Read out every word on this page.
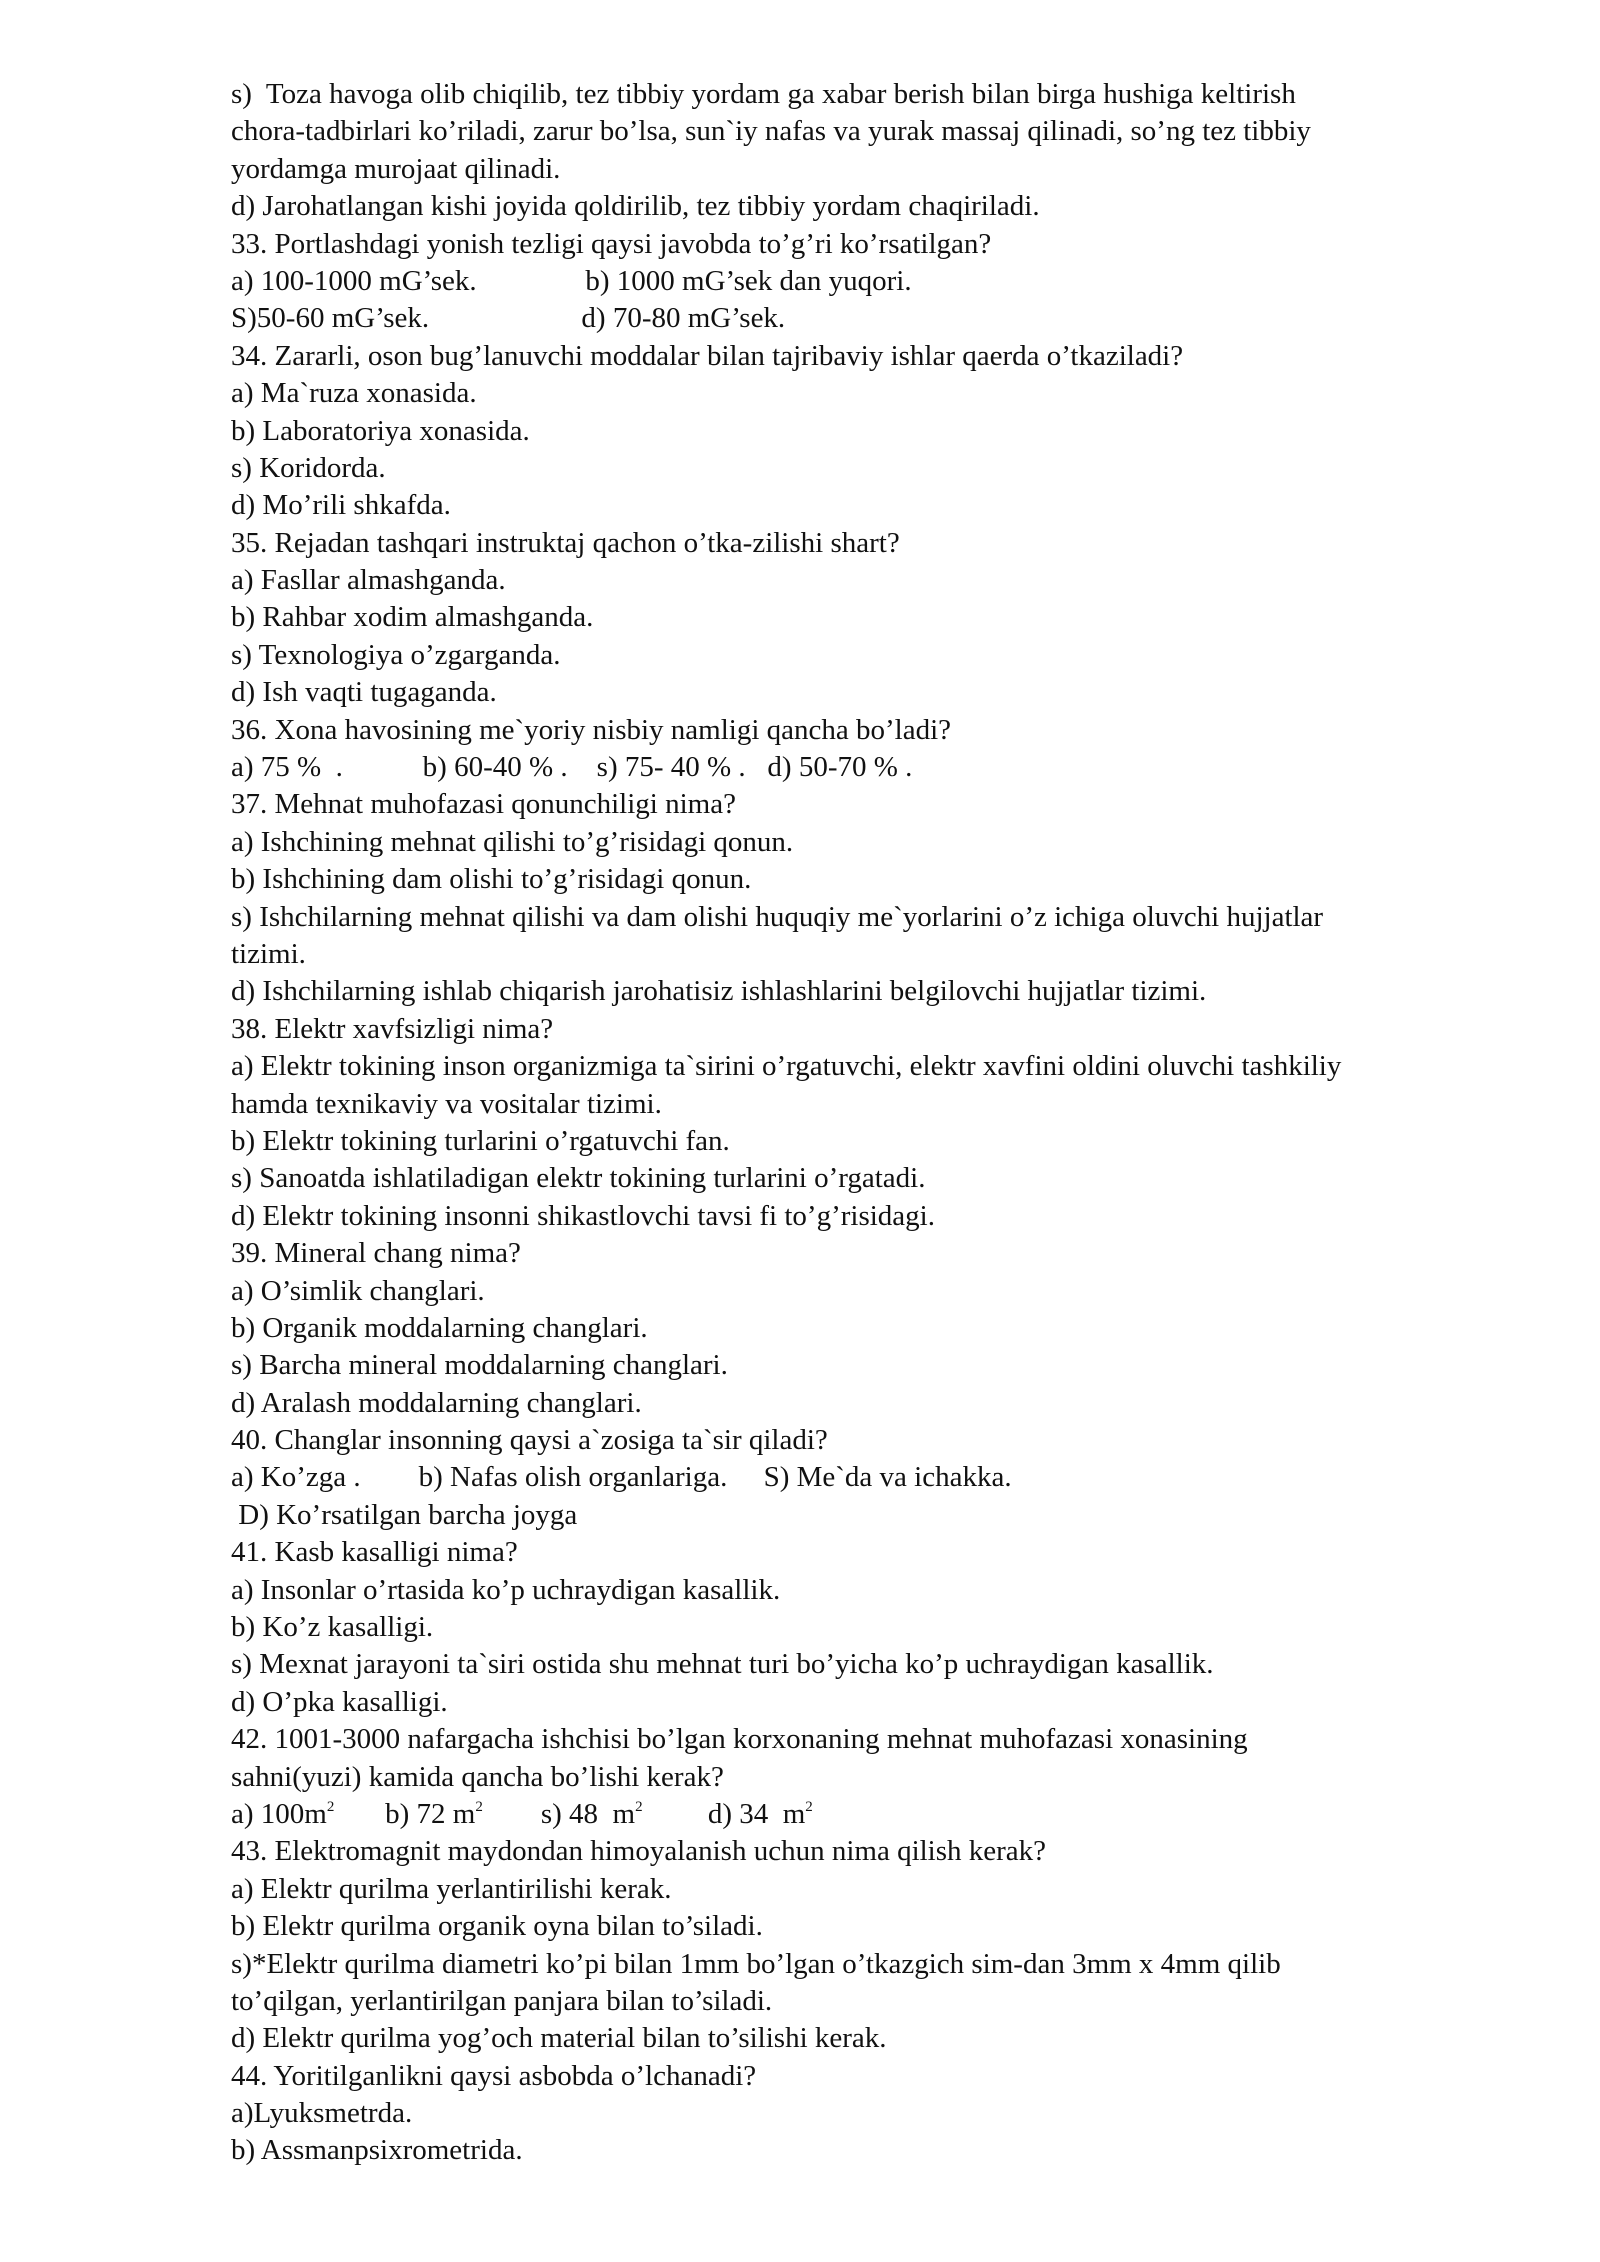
s)  Toza havoga olib chiqilib, tez tibbiy yordam ga xabar berish bilan birga hushiga keltirish
chora-tadbirlari ko’riladi, zarur bo’lsa, sun`iy nafas va yurak massaj qilinadi, so’ng tez tibbiy
yordamga murojaat qilinadi.
d) Jarohatlangan kishi joyida qoldirilib, tez tibbiy yordam chaqiriladi.
33. Portlashdagi yonish tezligi qaysi javobda to’g’ri ko’rsatilgan?
a) 100-1000 mG’sek.               b) 1000 mG’sek dan yuqori.
S)50-60 mG’sek.                     d) 70-80 mG’sek.
34. Zararli, oson bug’lanuvchi moddalar bilan tajribaviy ishlar qaerda o’tkaziladi?
a) Ma`ruza xonasida.
b) Laboratoriya xonasida.
s) Koridorda.
d) Mo’rili shkafda.
35. Rejadan tashqari instruktaj qachon o’tka-zilishi shart?
a) Fasllar almashganda.
b) Rahbar xodim almashganda.
s) Texnologiya o’zgarganda.
d) Ish vaqti tugaganda.
36. Xona havosining me`yoriy nisbiy namligi qancha bo’ladi?
a) 75 %  .           b) 60-40 % .    s) 75- 40 % .   d) 50-70 % .
37. Mehnat muhofazasi qonunchiligi nima?
a) Ishchining mehnat qilishi to’g’risidagi qonun.
b) Ishchining dam olishi to’g’risidagi qonun.
s) Ishchilarning mehnat qilishi va dam olishi huquqiy me`yorlarini o’z ichiga oluvchi hujjatlar
tizimi.
d) Ishchilarning ishlab chiqarish jarohatisiz ishlashlarini belgilovchi hujjatlar tizimi.
38. Elektr xavfsizligi nima?
a) Elektr tokining inson organizmiga ta`sirini o’rgatuvchi, elektr xavfini oldini oluvchi tashkiliy
hamda texnikaviy va vositalar tizimi.
b) Elektr tokining turlarini o’rgatuvchi fan.
s) Sanoatda ishlatiladigan elektr tokining turlarini o’rgatadi.
d) Elektr tokining insonni shikastlovchi tavsi fi to’g’risidagi.
39. Mineral chang nima?
a) O’simlik changlari.
b) Organik moddalarning changlari.
s) Barcha mineral moddalarning changlari.
d) Aralash moddalarning changlari.
40. Changlar insonning qaysi a`zosiga ta`sir qiladi?
a) Ko’zga .        b) Nafas olish organlariga.     S) Me`da va ichakka.
D) Ko’rsatilgan barcha joyga
41. Kasb kasalligi nima?
a) Insonlar o’rtasida ko’p uchraydigan kasallik.
b) Ko’z kasalligi.
s) Mexnat jarayoni ta`siri ostida shu mehnat turi bo’yicha ko’p uchraydigan kasallik.
d) O’pka kasalligi.
42. 1001-3000 nafargacha ishchisi bo’lgan korxonaning mehnat muhofazasi xonasining
sahni(yuzi) kamida qancha bo’lishi kerak?
a) $100m^2$ b) 72 $m^2$ s) 48  $m^2$ d) 34  $m^2$
43. Elektromagnit maydondan himoyalanish uchun nima qilish kerak?
a) Elektr qurilma yerlantirilishi kerak.
b) Elektr qurilma organik oyna bilan to’siladi.
s)*Elektr qurilma diametri ko’pi bilan 1mm bo’lgan o’tkazgich sim-dan 3mm x 4mm qilib
to’qilgan, yerlantirilgan panjara bilan to’siladi.
d) Elektr qurilma yog’och material bilan to’silishi kerak.
44. Yoritilganlikni qaysi asbobda o’lchanadi?
a)Lyuksmetrda.
b) Assmanpsixrometrida.
